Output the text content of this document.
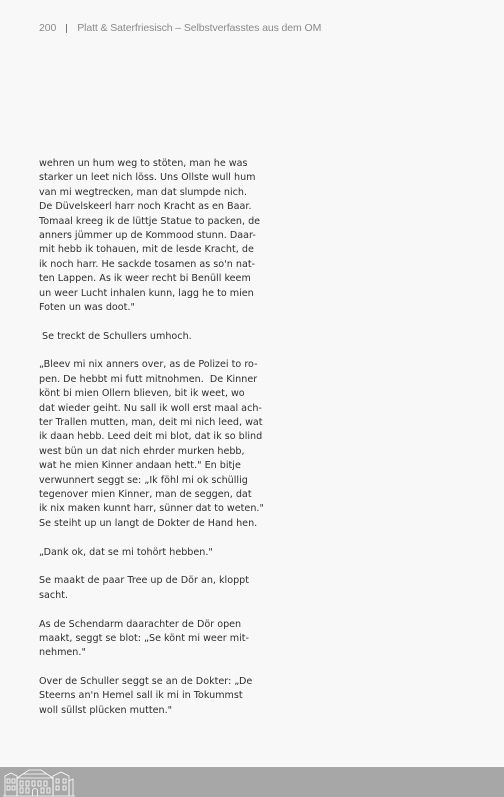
200 Platt & Saterfriesisch – Selbstverfasstes aus dem OM
wehren un hum weg to stöten, man he was
starker un leet nich löss. Uns Ollste wull hum
van mi wegtrecken, man dat slumpde nich.
De Düvelskeerl harr noch Kracht as en Baar.
Tomaal kreeg ik de lüttje Statue to packen, de
anners jümmer up de Kommood stunn. Daar-
mit hebb ik tohauen, mit de lesde Kracht, de
ik noch harr. He sackde tosamen as so'n nat-
ten Lappen. As ik weer recht bi Benüll keem
un weer Lucht inhalen kunn, lagg he to mien
Foten un was doot."
Se treckt de Schullers umhoch.
„Bleev mi nix anners over, as de Polizei to ro-
pen. De hebbt mi futt mitnohmen.  De Kinner
könt bi mien Ollern blieven, bit ik weet, wo
dat wieder geiht. Nu sall ik woll erst maal ach-
ter Trallen mutten, man, deit mi nich leed, wat
ik daan hebb. Leed deit mi blot, dat ik so blind
west bün un dat nich ehrder murken hebb,
wat he mien Kinner andaan hett." En bitje
verwunnert seggt se: „Ik föhl mi ok schüllig
tegenover mien Kinner, man de seggen, dat
ik nix maken kunnt harr, sünner dat to weten."
Se steiht up un langt de Dokter de Hand hen.
„Dank ok, dat se mi tohört hebben."
Se maakt de paar Tree up de Dör an, kloppt
sacht.
As de Schendarm daarachter de Dör open
maakt, seggt se blot: „Se könt mi weer mit-
nehmen."
Over de Schuller seggt se an de Dokter: „De
Steerns an'n Hemel sall ik mi in Tokummst
woll süllst plücken mutten."
